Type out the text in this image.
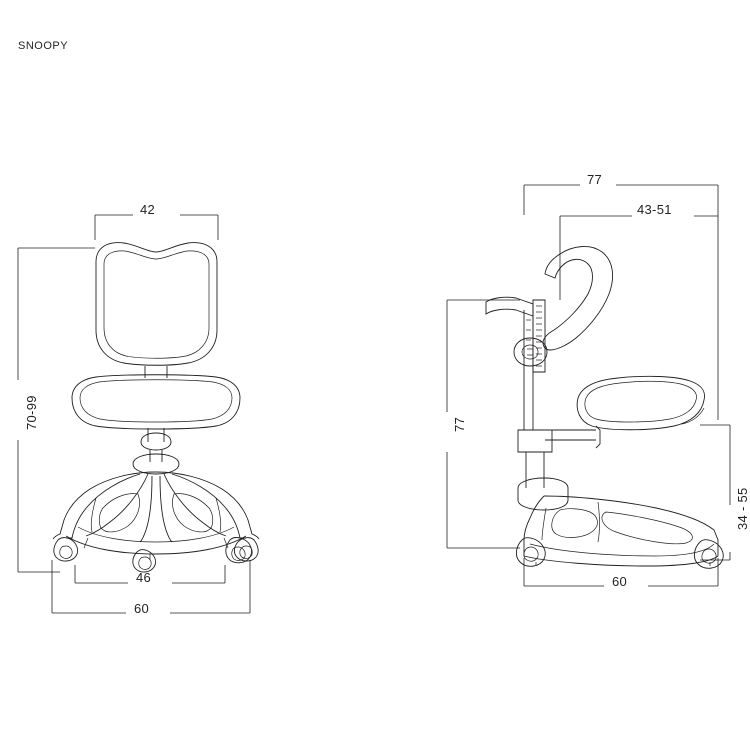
SNOOPY
42
70-99
46
60
77
43-51
77
34 - 55
60
